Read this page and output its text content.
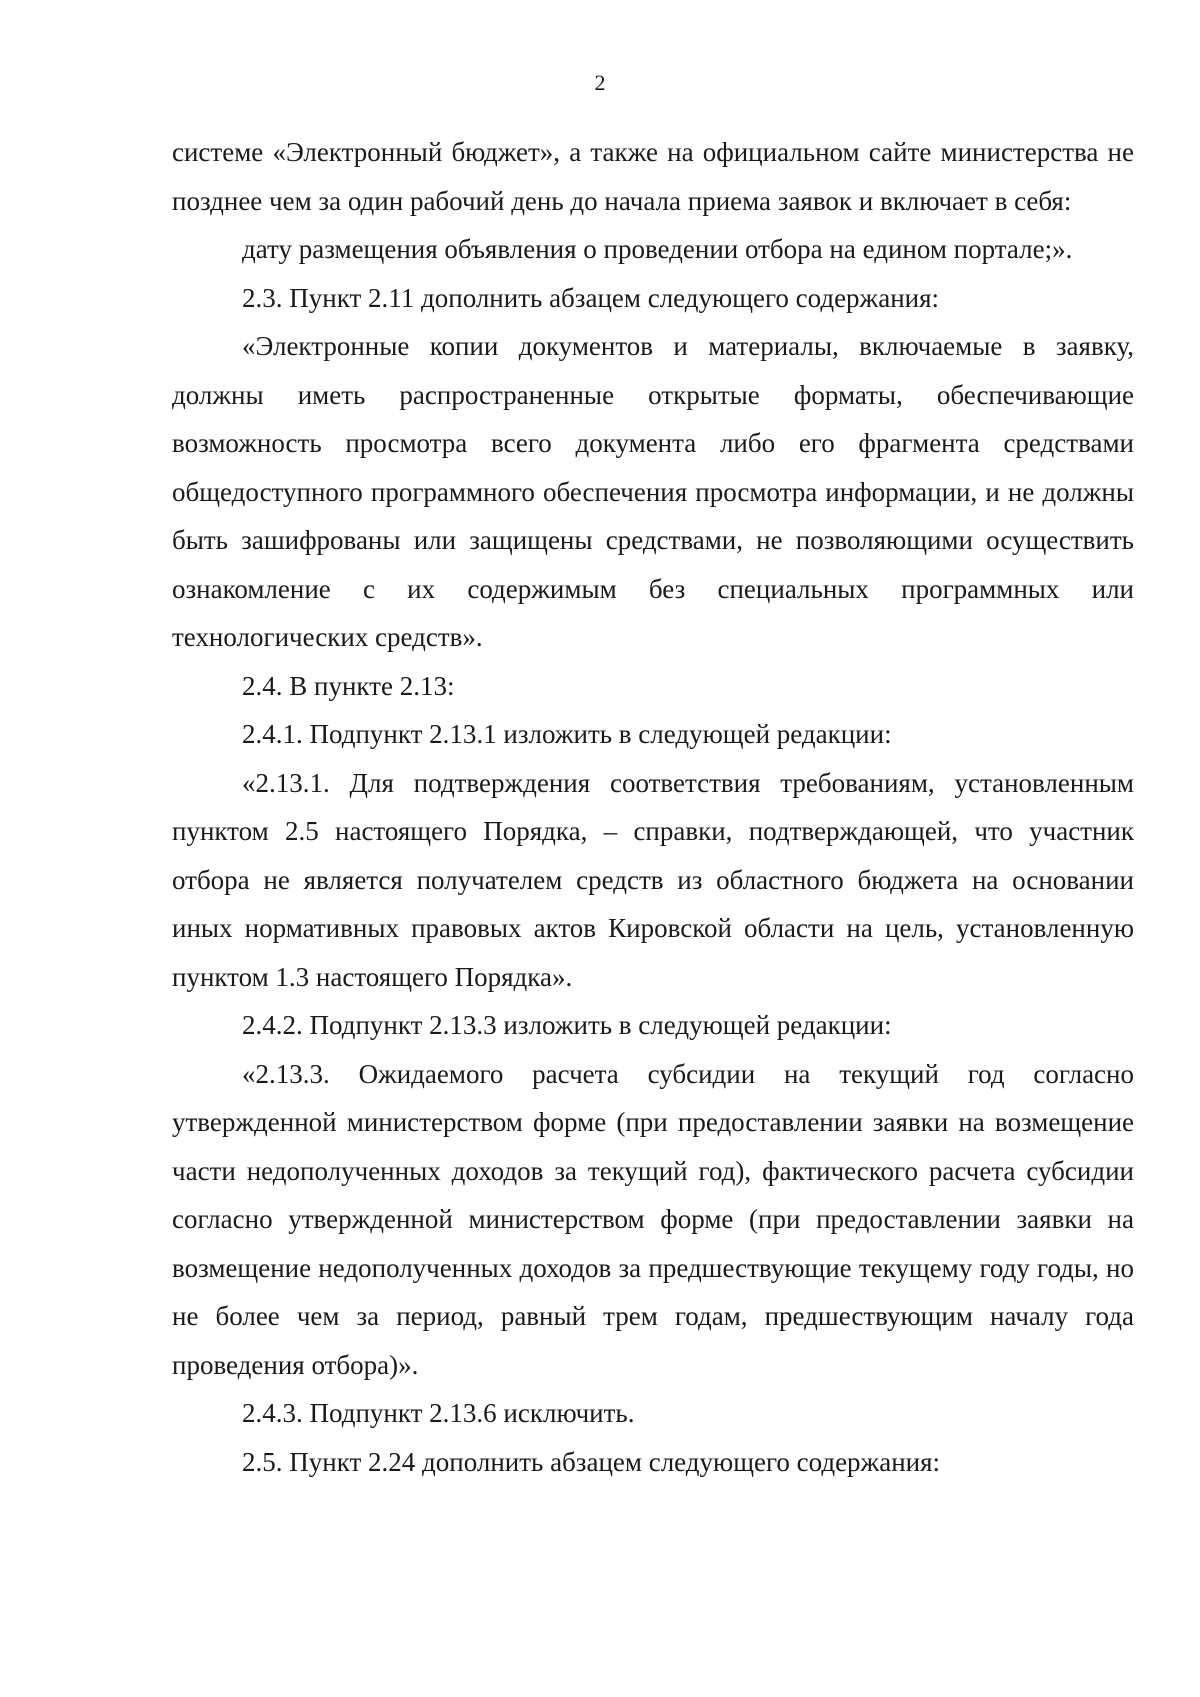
2

системе «Электронный бюджет», а также на официальном сайте министерства не позднее чем за один рабочий день до начала приема заявок и включает в себя:

дату размещения объявления о проведении отбора на едином портале;».

2.3. Пункт 2.11 дополнить абзацем следующего содержания:

«Электронные копии документов и материалы, включаемые в заявку, должны иметь распространенные открытые форматы, обеспечивающие возможность просмотра всего документа либо его фрагмента средствами общедоступного программного обеспечения просмотра информации, и не должны быть зашифрованы или защищены средствами, не позволяющими осуществить ознакомление с их содержимым без специальных программных или технологических средств».

2.4. В пункте 2.13:

2.4.1. Подпункт 2.13.1 изложить в следующей редакции:

«2.13.1. Для подтверждения соответствия требованиям, установленным пунктом 2.5 настоящего Порядка, – справки, подтверждающей, что участник отбора не является получателем средств из областного бюджета на основании иных нормативных правовых актов Кировской области на цель, установленную пунктом 1.3 настоящего Порядка».

2.4.2. Подпункт 2.13.3 изложить в следующей редакции:

«2.13.3. Ожидаемого расчета субсидии на текущий год согласно утвержденной министерством форме (при предоставлении заявки на возмещение части недополученных доходов за текущий год), фактического расчета субсидии согласно утвержденной министерством форме (при предоставлении заявки на возмещение недополученных доходов за предшествующие текущему году годы, но не более чем за период, равный трем годам, предшествующим началу года проведения отбора)».

2.4.3. Подпункт 2.13.6 исключить.

2.5. Пункт 2.24 дополнить абзацем следующего содержания:
